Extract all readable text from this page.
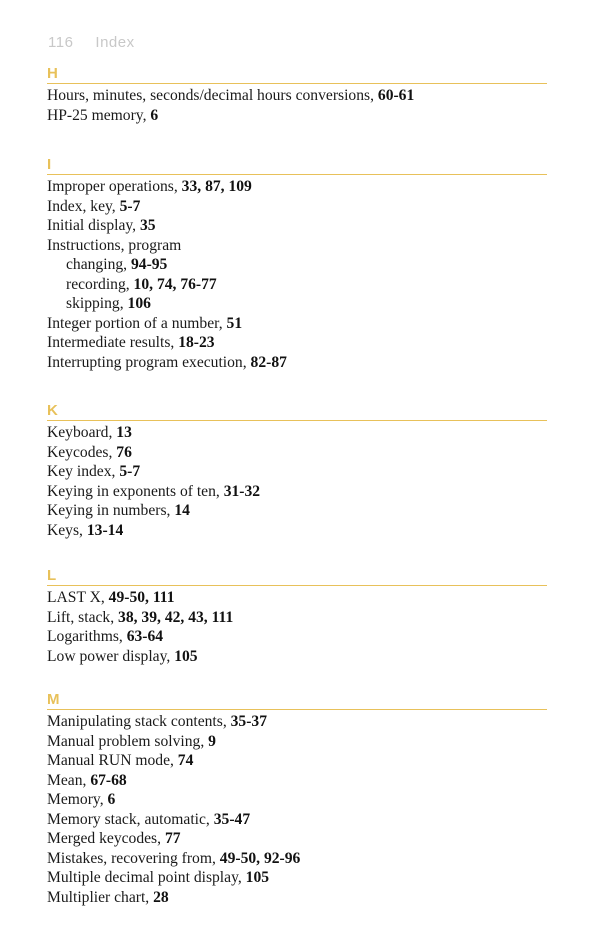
116 Index
H
Hours, minutes, seconds/decimal hours conversions, 60-61
HP-25 memory, 6
I
Improper operations, 33, 87, 109
Index, key, 5-7
Initial display, 35
Instructions, program
changing, 94-95
recording, 10, 74, 76-77
skipping, 106
Integer portion of a number, 51
Intermediate results, 18-23
Interrupting program execution, 82-87
K
Keyboard, 13
Keycodes, 76
Key index, 5-7
Keying in exponents of ten, 31-32
Keying in numbers, 14
Keys, 13-14
L
LAST X, 49-50, 111
Lift, stack, 38, 39, 42, 43, 111
Logarithms, 63-64
Low power display, 105
M
Manipulating stack contents, 35-37
Manual problem solving, 9
Manual RUN mode, 74
Mean, 67-68
Memory, 6
Memory stack, automatic, 35-47
Merged keycodes, 77
Mistakes, recovering from, 49-50, 92-96
Multiple decimal point display, 105
Multiplier chart, 28
